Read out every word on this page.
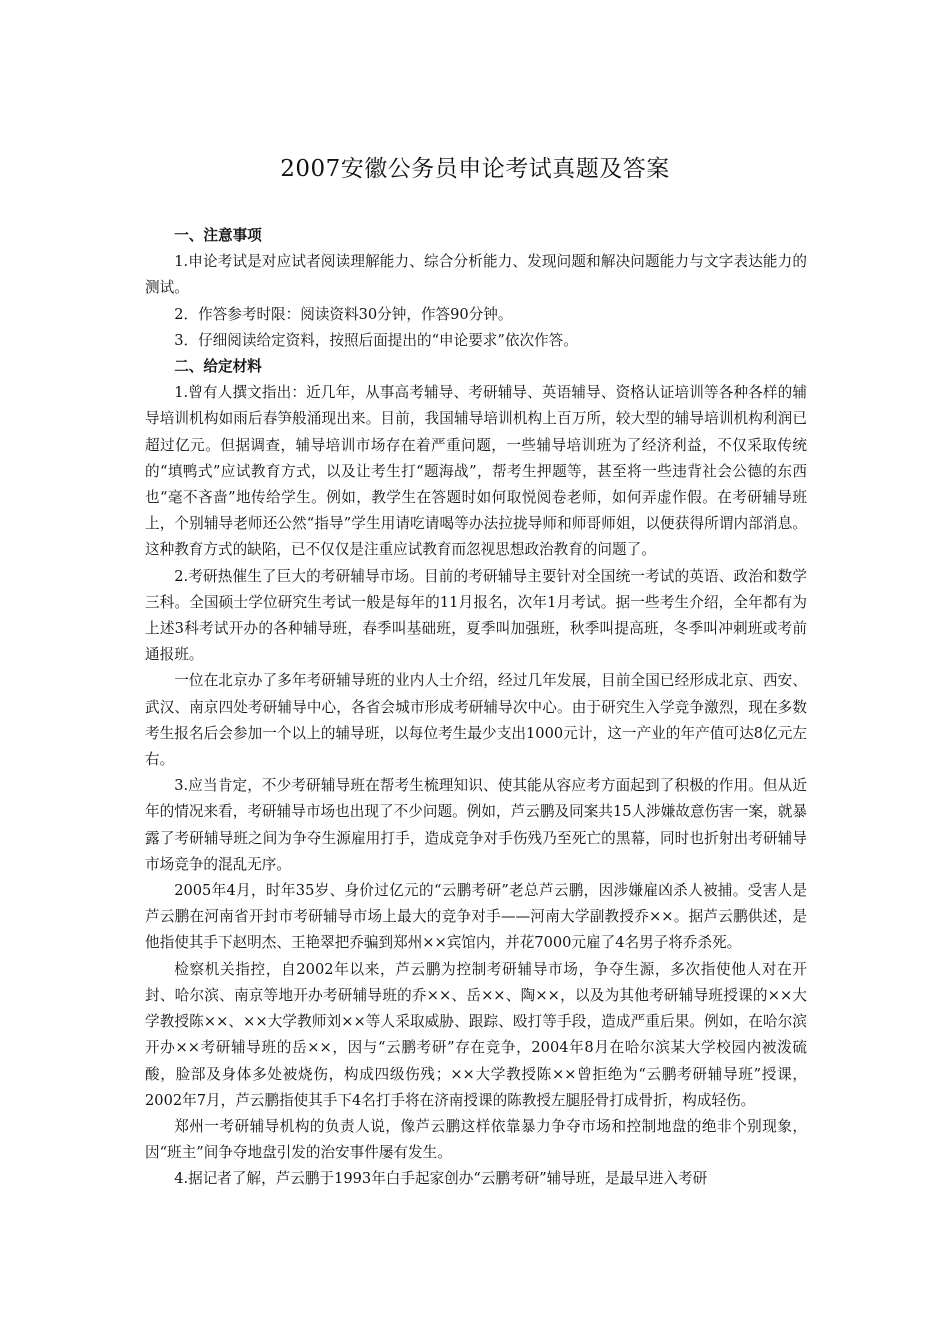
2007安徽公务员申论考试真题及答案

一、注意事项

1.申论考试是对应试者阅读理解能力、综合分析能力、发现问题和解决问题能力与文字表达能力的测试。

2．作答参考时限：阅读资料30分钟，作答90分钟。

3．仔细阅读给定资料，按照后面提出的“申论要求”依次作答。

二、给定材料

1.曾有人撰文指出：近几年，从事高考辅导、考研辅导、英语辅导、资格认证培训等各种各样的辅导培训机构如雨后春笋般涌现出来。目前，我国辅导培训机构上百万所，较大型的辅导培训机构利润已超过亿元。但据调查，辅导培训市场存在着严重问题，一些辅导培训班为了经济利益，不仅采取传统的“填鸭式”应试教育方式，以及让考生打“题海战”，帮考生押题等，甚至将一些违背社会公德的东西也“毫不吝啬”地传给学生。例如，教学生在答题时如何取悦阅卷老师，如何弄虚作假。在考研辅导班上，个别辅导老师还公然“指导”学生用请吃请喝等办法拉拢导师和师哥师姐，以便获得所谓内部消息。这种教育方式的缺陷，已不仅仅是注重应试教育而忽视思想政治教育的问题了。

2.考研热催生了巨大的考研辅导市场。目前的考研辅导主要针对全国统一考试的英语、政治和数学三科。全国硕士学位研究生考试一般是每年的11月报名，次年1月考试。据一些考生介绍，全年都有为上述3科考试开办的各种辅导班，春季叫基础班，夏季叫加强班，秋季叫提高班，冬季叫冲刺班或考前通报班。

一位在北京办了多年考研辅导班的业内人士介绍，经过几年发展，目前全国已经形成北京、西安、武汉、南京四处考研辅导中心，各省会城市形成考研辅导次中心。由于研究生入学竞争激烈，现在多数考生报名后会参加一个以上的辅导班，以每位考生最少支出1000元计，这一产业的年产值可达8亿元左右。

3.应当肯定，不少考研辅导班在帮考生梳理知识、使其能从容应考方面起到了积极的作用。但从近年的情况来看，考研辅导市场也出现了不少问题。例如，芦云鹏及同案共15人涉嫌故意伤害一案，就暴露了考研辅导班之间为争夺生源雇用打手，造成竞争对手伤残乃至死亡的黑幕，同时也折射出考研辅导市场竞争的混乱无序。

2005年4月，时年35岁、身价过亿元的“云鹏考研”老总芦云鹏，因涉嫌雇凶杀人被捕。受害人是芦云鹏在河南省开封市考研辅导市场上最大的竞争对手——河南大学副教授乔××。据芦云鹏供述，是他指使其手下赵明杰、王艳翠把乔骗到郑州××宾馆内，并花7000元雇了4名男子将乔杀死。

检察机关指控，自2002年以来，芦云鹏为控制考研辅导市场，争夺生源，多次指使他人对在开封、哈尔滨、南京等地开办考研辅导班的乔××、岳××、陶××，以及为其他考研辅导班授课的××大学教授陈××、××大学教师刘××等人采取威胁、跟踪、殴打等手段，造成严重后果。例如，在哈尔滨开办××考研辅导班的岳××，因与“云鹏考研”存在竞争，2004年8月在哈尔滨某大学校园内被泼硫酸，脸部及身体多处被烧伤，构成四级伤残；××大学教授陈××曾拒绝为“云鹏考研辅导班”授课，2002年7月，芦云鹏指使其手下4名打手将在济南授课的陈教授左腿胫骨打成骨折，构成轻伤。

郑州一考研辅导机构的负责人说，像芦云鹏这样依靠暴力争夺市场和控制地盘的绝非个别现象，因“班主”间争夺地盘引发的治安事件屡有发生。

4.据记者了解，芦云鹏于1993年白手起家创办“云鹏考研”辅导班，是最早进入考研
